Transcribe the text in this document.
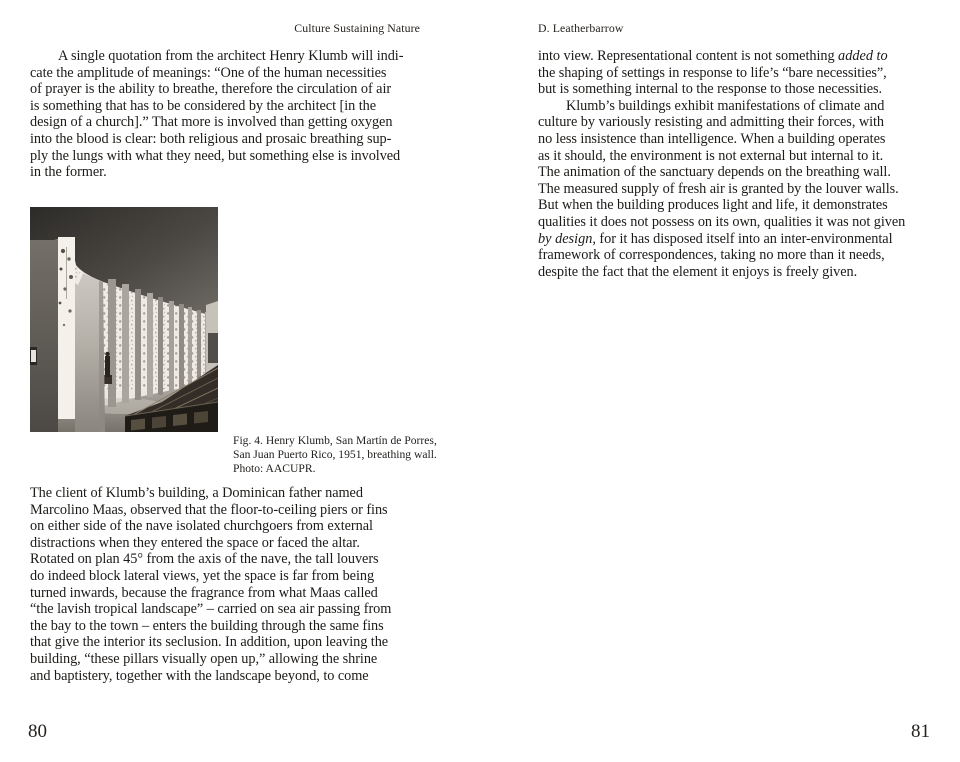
Culture Sustaining Nature	D. Leatherbarrow
A single quotation from the architect Henry Klumb will indi-
cate the amplitude of meanings: “One of the human necessities
of prayer is the ability to breathe, therefore the circulation of air
is something that has to be considered by the architect [in the
design of a church].” That more is involved than getting oxygen
into the blood is clear: both religious and prosaic breathing sup-
ply the lungs with what they need, but something else is involved
in the former.
Fig. 4. Henry Klumb, San Martín de Porres,
San Juan Puerto Rico, 1951, breathing wall.
Photo: AACUPR.
The client of Klumb’s building, a Dominican father named
Marcolino Maas, observed that the floor-to-ceiling piers or fins
on either side of the nave isolated churchgoers from external
distractions when they entered the space or faced the altar.
Rotated on plan 45° from the axis of the nave, the tall louvers
do indeed block lateral views, yet the space is far from being
turned inwards, because the fragrance from what Maas called
“the lavish tropical landscape” – carried on sea air passing from
the bay to the town – enters the building through the same fins
that give the interior its seclusion. In addition, upon leaving the
building, “these pillars visually open up,” allowing the shrine
and baptistery, together with the landscape beyond, to come
into view. Representational content is not something added to
the shaping of settings in response to life’s “bare necessities”,
but is something internal to the response to those necessities.
Klumb’s buildings exhibit manifestations of climate and
culture by variously resisting and admitting their forces, with
no less insistence than intelligence. When a building operates
as it should, the environment is not external but internal to it.
The animation of the sanctuary depends on the breathing wall.
The measured supply of fresh air is granted by the louver walls.
But when the building produces light and life, it demonstrates
qualities it does not possess on its own, qualities it was not given
by design, for it has disposed itself into an inter-environmental
framework of correspondences, taking no more than it needs,
despite the fact that the element it enjoys is freely given.
80	81
